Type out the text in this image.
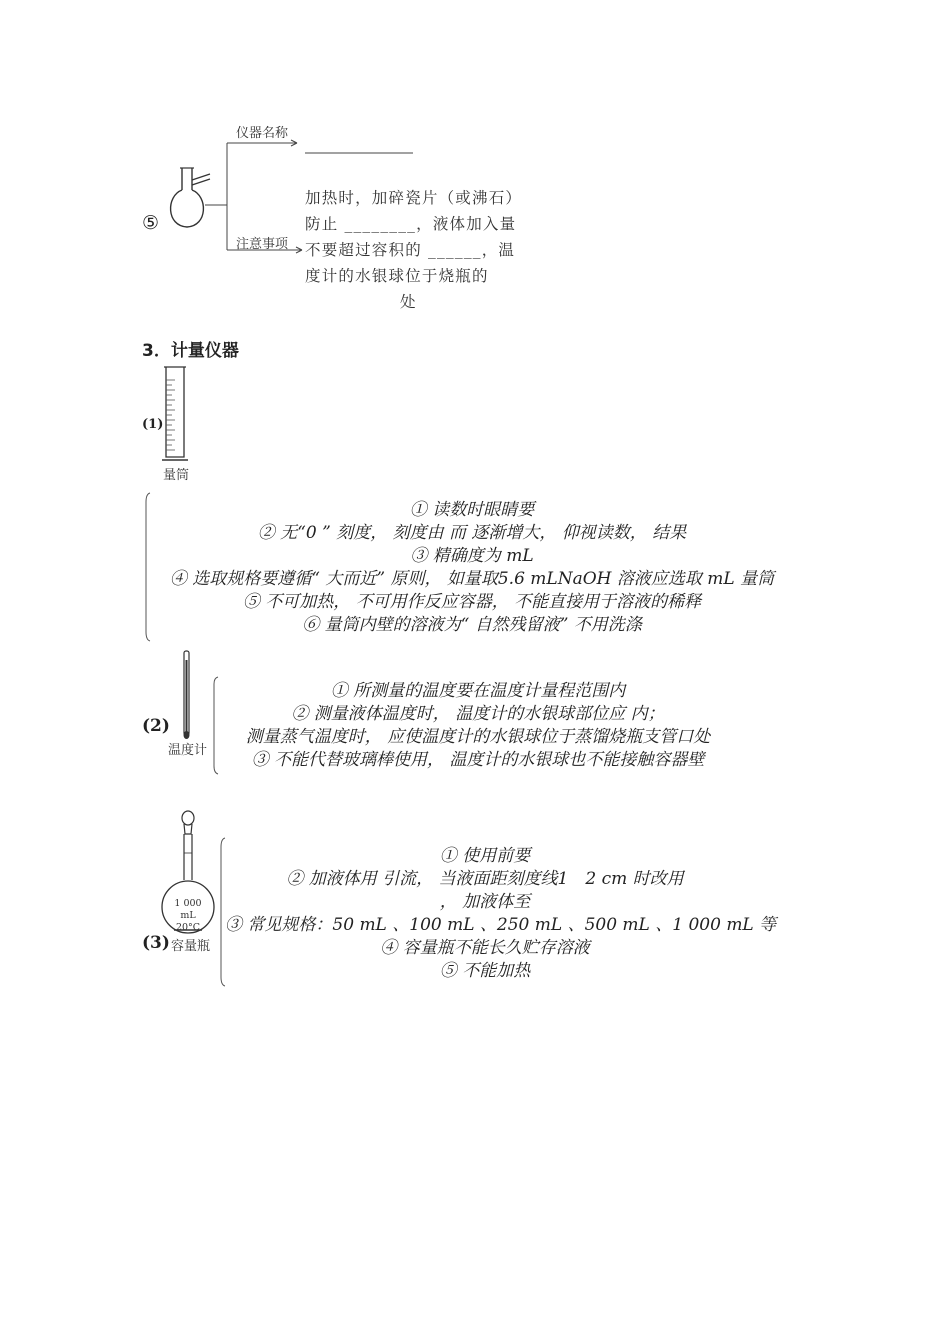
⑤
仪器名称
注意事项
加热时，加碎瓷片（或沸石）
防止 ________，液体加入量
不要超过容积的 ______，温
度计的水银球位于烧瓶的
处
3．计量仪器
(1)
量筒
① 读数时眼睛要
② 无“0 ” 刻度， 刻度由 而 逐渐增大， 仰视读数， 结果
③ 精确度为 mL
④ 选取规格要遵循“ 大而近” 原则， 如量取5.6 mLNaOH 溶液应选取 mL 量筒
⑤ 不可加热， 不可用作反应容器， 不能直接用于溶液的稀释
⑥ 量筒内壁的溶液为“ 自然残留液” 不用洗涤
(2)
温度计
① 所测量的温度要在温度计量程范围内
② 测量液体温度时， 温度计的水银球部位应 内；
测量蒸气温度时， 应使温度计的水银球位于蒸馏烧瓶支管口处
③ 不能代替玻璃棒使用， 温度计的水银球也不能接触容器壁
1 000 mL
20°C
(3) 容量瓶
① 使用前要
② 加液体用 引流， 当液面距刻度线1　2 cm 时改用
， 加液体至
③ 常见规格：50 mL 、100 mL 、250 mL 、500 mL 、1 000 mL 等
④ 容量瓶不能长久贮存溶液
⑤ 不能加热
